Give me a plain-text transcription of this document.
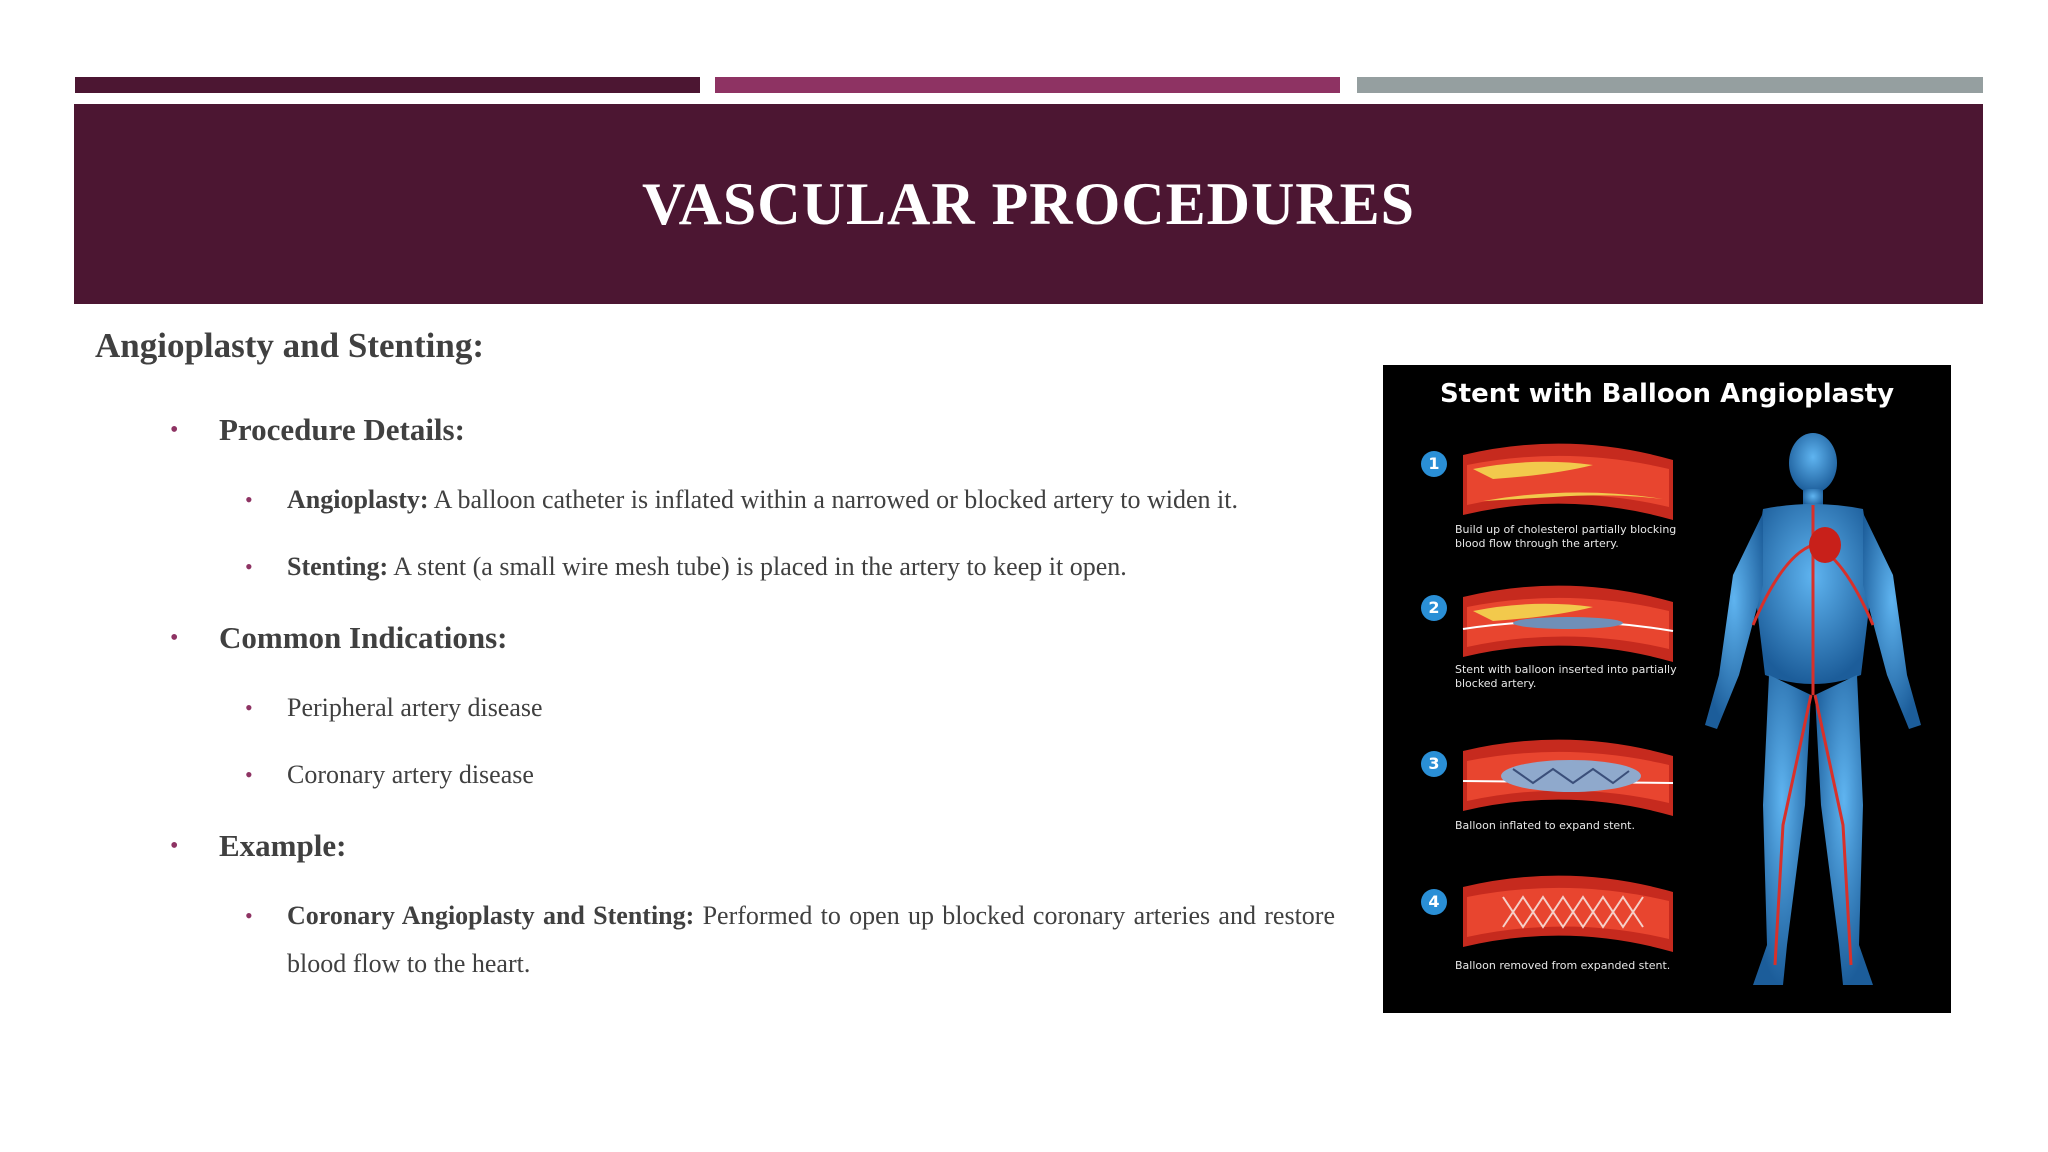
VASCULAR PROCEDURES
Angioplasty and Stenting:
• Procedure Details:
• Angioplasty: A balloon catheter is inflated within a narrowed or blocked artery to widen it.
• Stenting: A stent (a small wire mesh tube) is placed in the artery to keep it open.
• Common Indications:
• Peripheral artery disease
• Coronary artery disease
• Example:
• Coronary Angioplasty and Stenting: Performed to open up blocked coronary arteries and restore blood flow to the heart.
Stent with Balloon Angioplasty
1
Build up of cholesterol partially blocking blood flow through the artery.
2
Stent with balloon inserted into partially blocked artery.
3
Balloon inflated to expand stent.
4
Balloon removed from expanded stent.
